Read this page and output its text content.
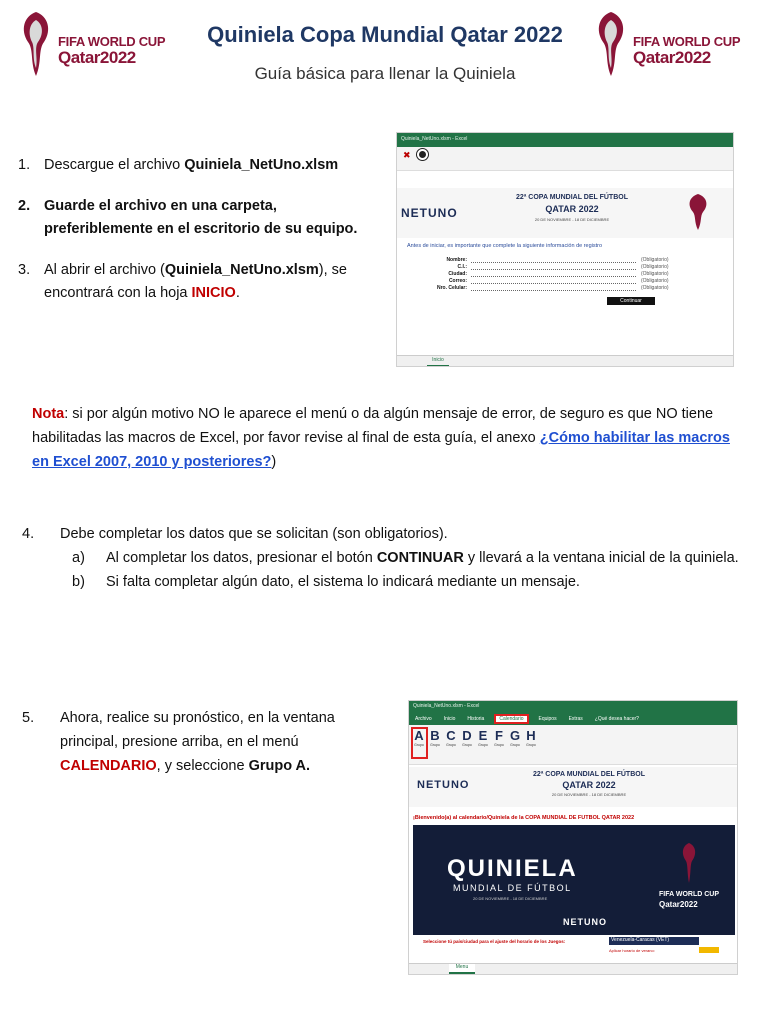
FIFA WORLD CUP
Qatar2022
FIFA WORLD CUP
Qatar2022
Quiniela Copa Mundial Qatar 2022
Guía básica para llenar la Quiniela
1. Descargue el archivo Quiniela_NetUno.xlsm
2. Guarde el archivo en una carpeta, preferiblemente en el escritorio de su equipo.
3. Al abrir el archivo (Quiniela_NetUno.xlsm), se encontrará con la hoja INICIO.
Quiniela_NetUno.xlsm - Excel
✖
NETUNO
22ª COPA MUNDIAL DEL FÚTBOL
QATAR 2022
20 DE NOVIEMBRE - 18 DE DICIEMBRE
Antes de iniciar, es importante que complete la siguiente información de registro
Nombre:	(Obligatorio)
C.I.:	(Obligatorio)
Ciudad:	(Obligatorio)
Correo:	(Obligatorio)
Nro. Celular:	(Obligatorio)
Continuar
Inicio

Nota: si por algún motivo NO le aparece el menú o da algún mensaje de error, de seguro es que NO tiene habilitadas las macros de Excel, por favor revise al final de esta guía, el anexo ¿Cómo habilitar las macros en Excel 2007, 2010 y posteriores?)

4.	Debe completar los datos que se solicitan (son obligatorios).
a)	Al completar los datos, presionar el botón CONTINUAR y llevará a la ventana inicial de la quiniela.
b)	Si falta completar algún dato, el sistema lo indicará mediante un mensaje.
5.	Ahora, realice su pronóstico, en la ventana principal, presione arriba, en el menú CALENDARIO, y seleccione Grupo A.
Quiniela_NetUno.xlsm - Excel
Archivo Inicio Historia	Calendario	Equipos Extras ¿Qué desea hacer?
A
Grupo
B
Grupo
C
Grupo
D
Grupo
E
Grupo
F
Grupo
G
Grupo
H
Grupo
NETUNO
22ª COPA MUNDIAL DEL FÚTBOL
QATAR 2022
20 DE NOVIEMBRE - 18 DE DICIEMBRE
¡Bienvenido(a) al calendario/Quiniela de la COPA MUNDIAL DE FUTBOL QATAR 2022
QUINIELA
MUNDIAL DE FÚTBOL
20 DE NOVIEMBRE - 18 DE DICIEMBRE
NETUNO
FIFA WORLD CUP
Qatar2022
Seleccione tú país/ciudad para el ajuste del horario de los Juegos:	Venezuela-Caracas (VET)
Aplicar horario de verano:
Menu
